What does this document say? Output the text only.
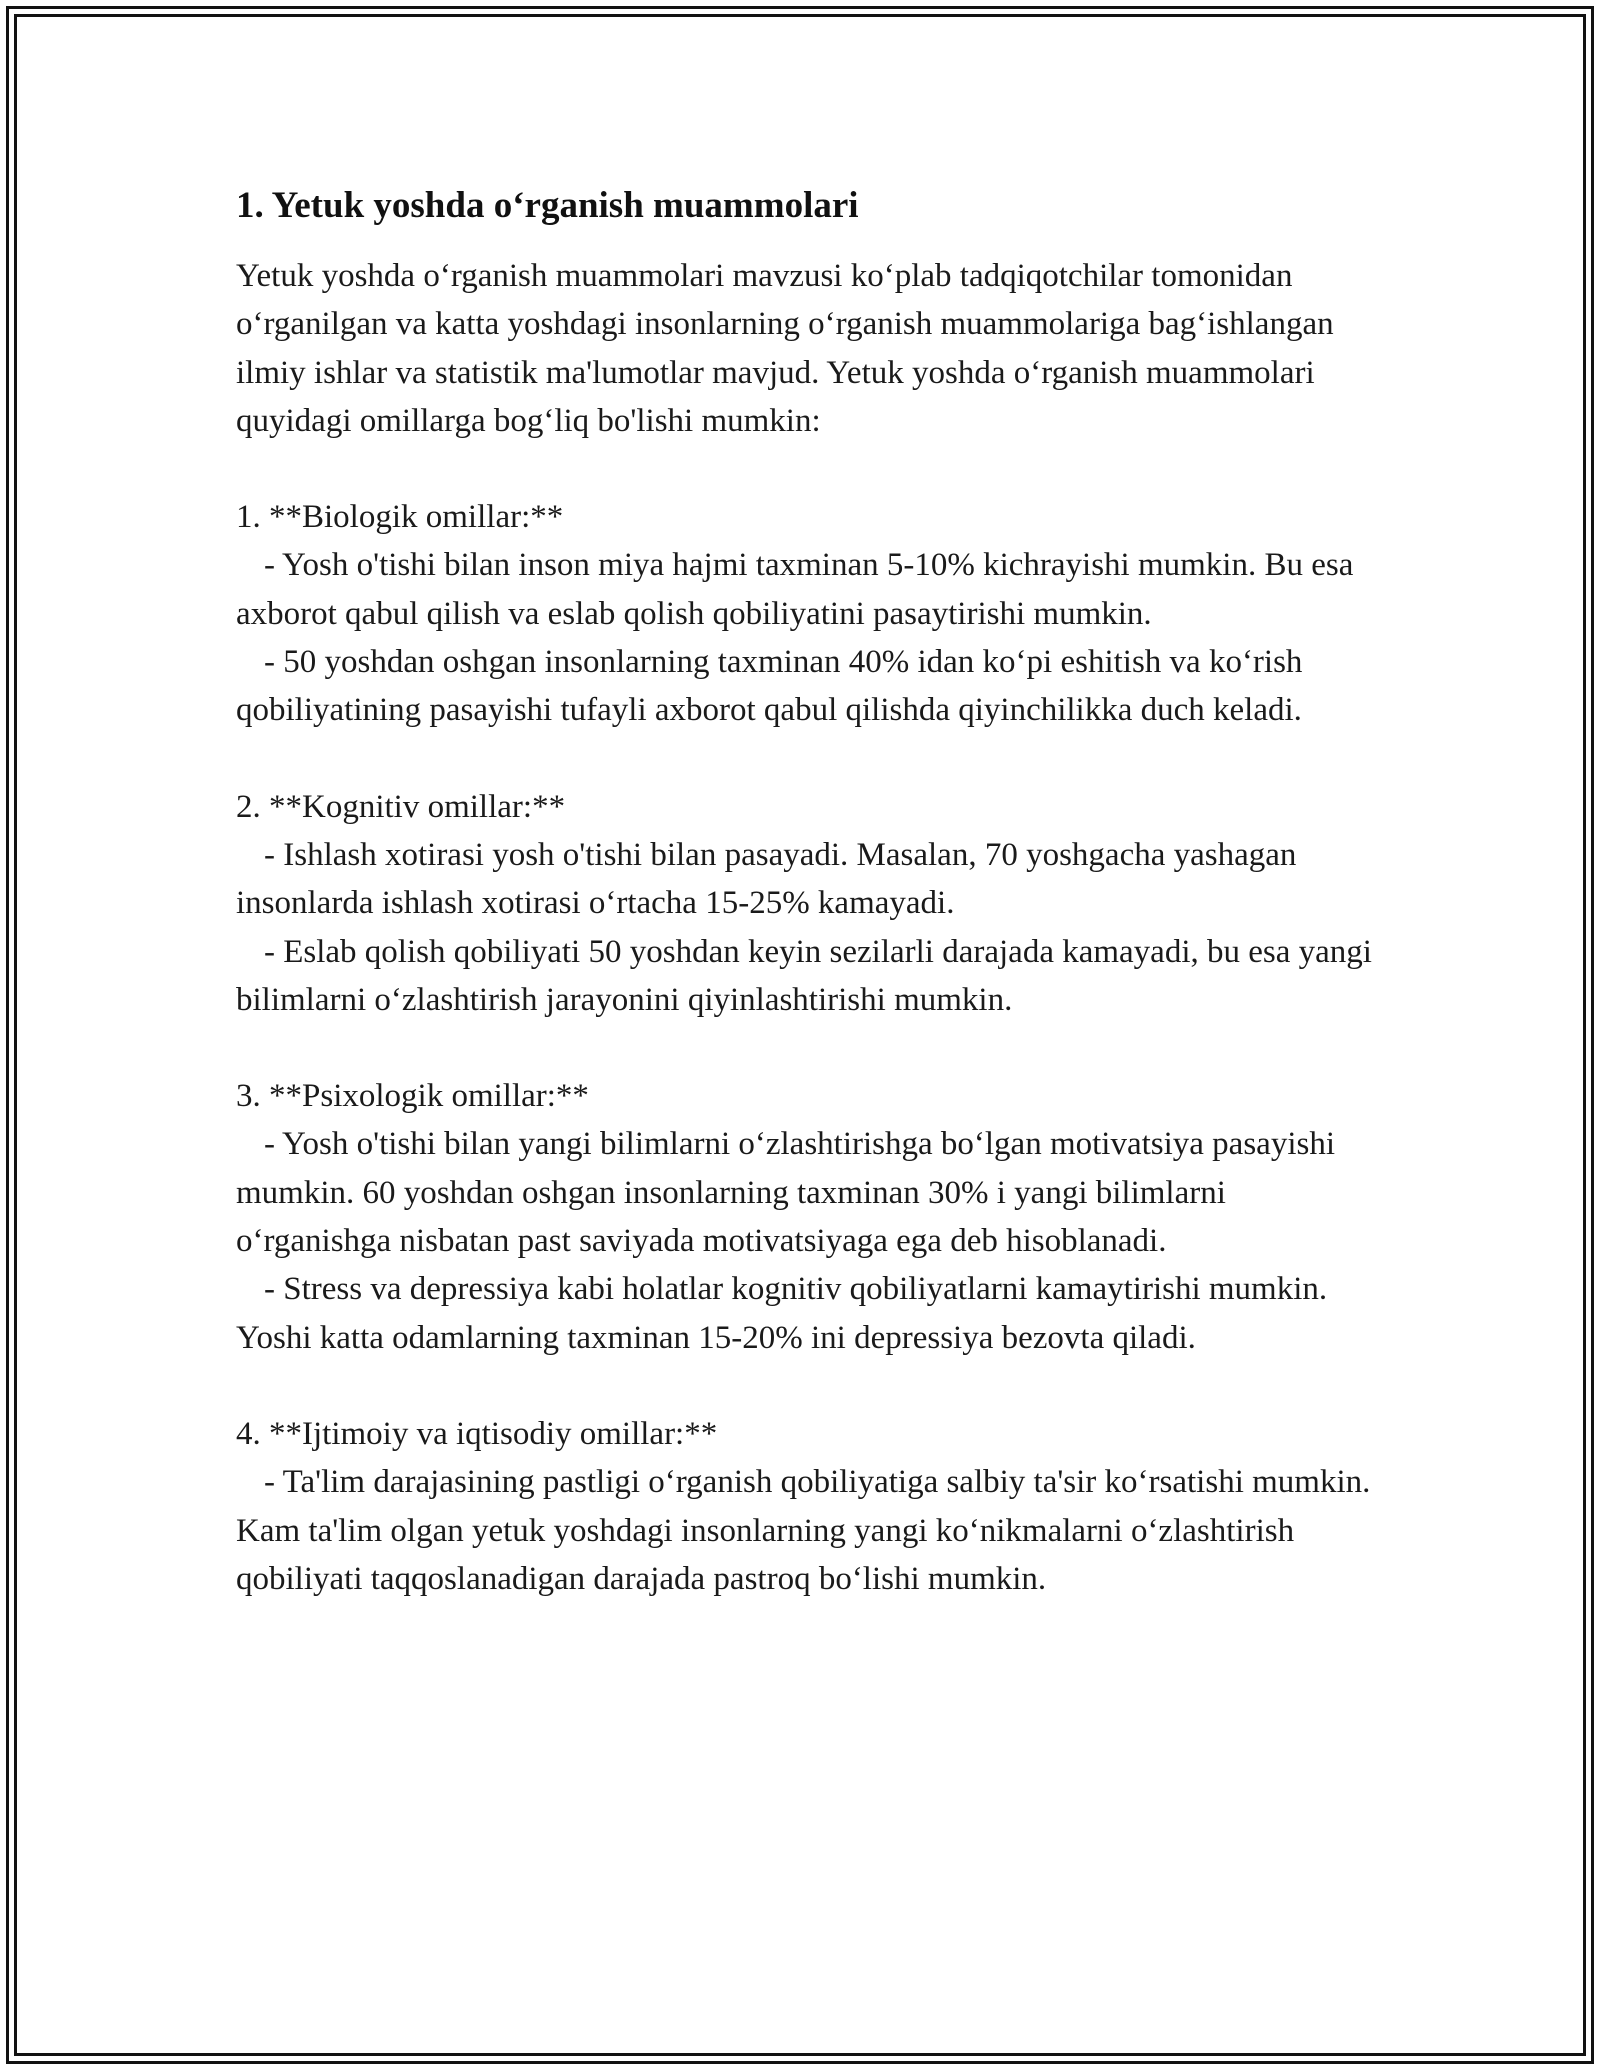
1. Yetuk yoshda o‘rganish muammolari

Yetuk yoshda o‘rganish muammolari mavzusi ko‘plab tadqiqotchilar tomonidan o‘rganilgan va katta yoshdagi insonlarning o‘rganish muammolariga bag‘ishlangan ilmiy ishlar va statistik ma'lumotlar mavjud. Yetuk yoshda o‘rganish muammolari quyidagi omillarga bog‘liq bo'lishi mumkin:

1. **Biologik omillar:**

- Yosh o'tishi bilan inson miya hajmi taxminan 5-10% kichrayishi mumkin. Bu esa axborot qabul qilish va eslab qolish qobiliyatini pasaytirishi mumkin.

- 50 yoshdan oshgan insonlarning taxminan 40% idan ko‘pi eshitish va ko‘rish qobiliyatining pasayishi tufayli axborot qabul qilishda qiyinchilikka duch keladi.

2. **Kognitiv omillar:**

- Ishlash xotirasi yosh o'tishi bilan pasayadi. Masalan, 70 yoshgacha yashagan insonlarda ishlash xotirasi o‘rtacha 15-25% kamayadi.

- Eslab qolish qobiliyati 50 yoshdan keyin sezilarli darajada kamayadi, bu esa yangi bilimlarni o‘zlashtirish jarayonini qiyinlashtirishi mumkin.

3. **Psixologik omillar:**

- Yosh o'tishi bilan yangi bilimlarni o‘zlashtirishga bo‘lgan motivatsiya pasayishi mumkin. 60 yoshdan oshgan insonlarning taxminan 30% i yangi bilimlarni o‘rganishga nisbatan past saviyada motivatsiyaga ega deb hisoblanadi.

- Stress va depressiya kabi holatlar kognitiv qobiliyatlarni kamaytirishi mumkin. Yoshi katta odamlarning taxminan 15-20% ini depressiya bezovta qiladi.

4. **Ijtimoiy va iqtisodiy omillar:**

- Ta'lim darajasining pastligi o‘rganish qobiliyatiga salbiy ta'sir ko‘rsatishi mumkin. Kam ta'lim olgan yetuk yoshdagi insonlarning yangi ko‘nikmalarni o‘zlashtirish qobiliyati taqqoslanadigan darajada pastroq bo‘lishi mumkin.
